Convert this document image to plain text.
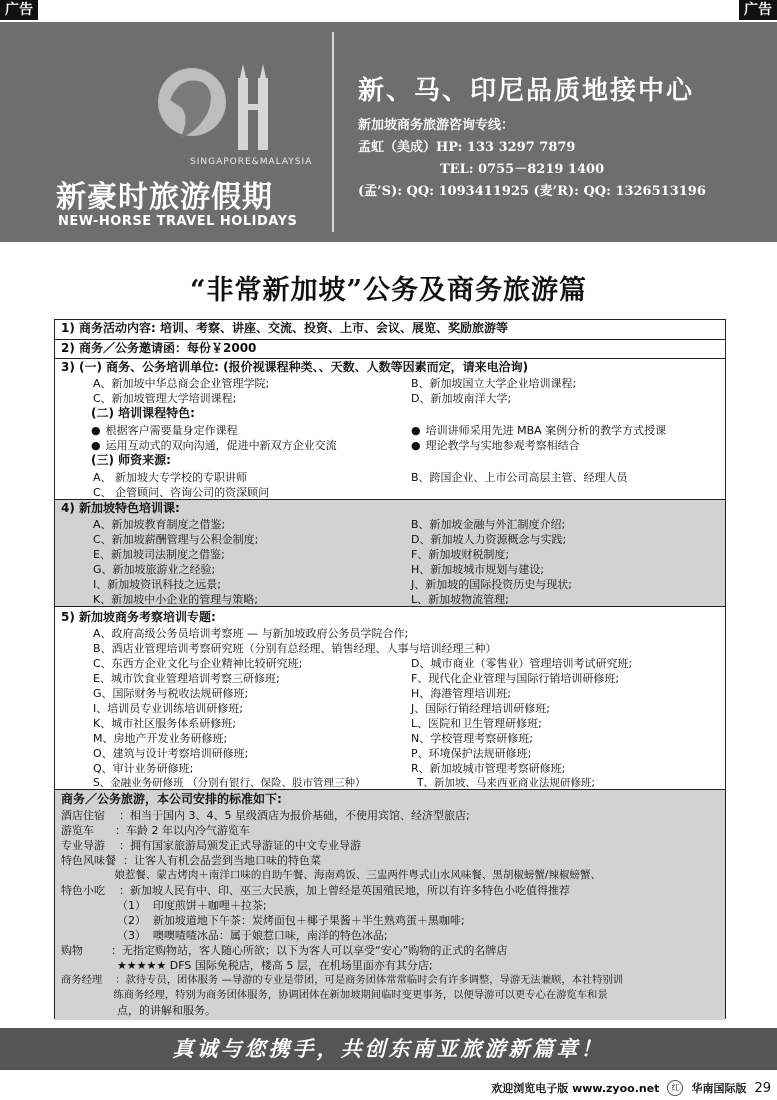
广告	广告
SINGAPORE&MALAYSIA
新豪时旅游假期
NEW-HORSE TRAVEL HOLIDAYS
新、马、印尼品质地接中心
新加坡商务旅游咨询专线：
孟虹（美成）HP: 133 3297 7879
TEL: 0755－8219 1400
(孟’S): QQ: 1093411925 (麦’R): QQ: 1326513196
“非常新加坡”公务及商务旅游篇
1) 商务活动内容: 培训、考察、讲座、交流、投资、上市、会议、展览、奖励旅游等
2) 商务／公务邀请函：每份￥2000
3) (一) 商务、公务培训单位: (报价视课程种类、、天数、人数等因素而定，请来电洽询)
A、新加坡中华总商会企业管理学院;	B、新加坡国立大学企业培训课程;
C、新加坡管理大学培训课程;	D、新加坡南洋大学;
(二) 培训课程特色:
● 根据客户需要量身定作课程	● 培训讲师采用先进 MBA 案例分析的教学方式授课
● 运用互动式的双向沟通，促进中新双方企业交流	● 理论教学与实地参观考察相结合
(三) 师资来源:
A、 新加坡大专学校的专职讲师	B、跨国企业、上市公司高层主管、经理人员
C、 企管顾问、咨询公司的资深顾问
4) 新加坡特色培训课:
A、新加坡教育制度之借鉴;	B、新加坡金融与外汇制度介绍;
C、新加坡薪酬管理与公积金制度;	D、新加坡人力资源概念与实践;
E、新加坡司法制度之借鉴;	F、新加坡财税制度;
G、新加坡旅游业之经验;	H、新加坡城市规划与建设;
I、新加坡资讯科技之远景;	J、新加坡的国际投资历史与现状;
K、新加坡中小企业的管理与策略;	L、新加坡物流管理;
5) 新加坡商务考察培训专题:
A、政府高级公务员培训考察班 — 与新加坡政府公务员学院合作;
B、酒店业管理培训考察研究班（分别有总经理、销售经理、人事与培训经理三种）
C、东西方企业文化与企业精神比较研究班;	D、城市商业（零售业）管理培训考试研究班;
E、城市饮食业管理培训考察三研修班;	F、现代化企业管理与国际行销培训研修班;
G、国际财务与税收法规研修班;	H、海港管理培训班;
I、培训员专业训练培训研修班;	J、国际行销经理培训研修班;
K、城市社区服务体系研修班;	L、医院和卫生管理研修班;
M、房地产开发业务研修班;	N、学校管理考察研修班;
O、建筑与设计考察培训研修班;	P、环境保护法规研修班;
Q、审计业务研修班;	R、新加坡城市管理考察研修班;
S、金融业务研修班 （分别有银行、保险、股市管理三种）	T、新加坡、马来西亚商业法规研修班;
商务／公务旅游，本公司安排的标准如下:
酒店住宿    ：相当于国内 3、4、5 星级酒店为报价基础，不使用宾馆、经济型旅店;
游览车      ：车龄 2 年以内冷气游览车
专业导游    ：拥有国家旅游局颁发正式导游证的中文专业导游
特色风味餐  ：让客人有机会品尝到当地口味的特色菜
娘惹餐、蒙古烤肉＋南洋口味的自助午餐、海南鸡饭、三盅两件粤式山水风味餐、黑胡椒螃蟹/辣椒螃蟹、
特色小吃    ：新加坡人民有中、印、巫三大民族，加上曾经是英国殖民地，所以有许多特色小吃值得推荐
（1）  印度煎饼＋咖哩＋拉茶;
（2）  新加坡道地下午茶：炭烤面包＋椰子果酱＋半生熟鸡蛋＋黑咖啡;
（3）  噢噢喳喳冰品：属于娘惹口味，南洋的特色冰品;
购物        ：无指定购物站，客人随心所欲；以下为客人可以享受“安心”购物的正式的名牌店
★★★★★ DFS 国际免税店，楼高 5 层，在机场里面亦有其分店;
商务经理    ：款待专员，团体服务 —导游的专业是带团，可是商务团体常常临时会有许多调整，导游无法兼顾，本社特别训
练商务经理，特别为商务团体服务，协调团体在新加坡期间临时变更事务，以便导游可以更专心在游览车和景
点，的讲解和服务。
真诚与您携手，共创东南亚旅游新篇章！
欢迎浏览电子版 www.zyoo.net	红	华南国际版 29
